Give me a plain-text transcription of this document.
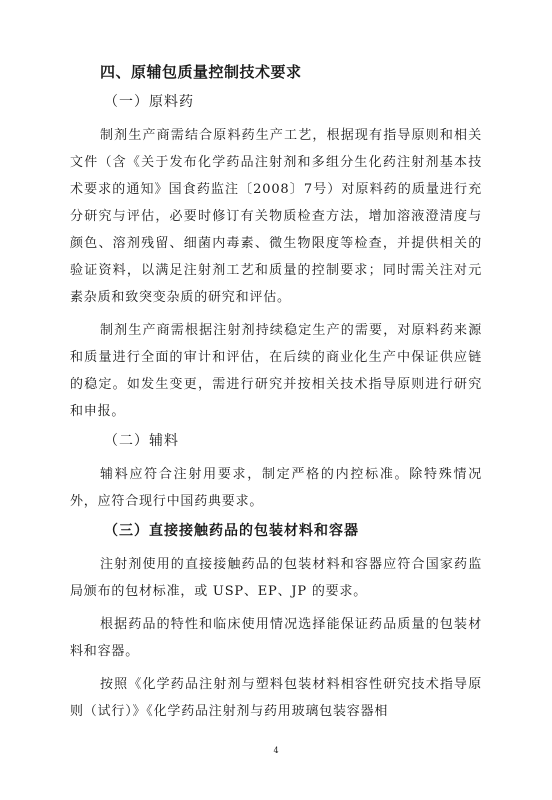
四、原辅包质量控制技术要求
（一）原料药

制剂生产商需结合原料药生产工艺，根据现有指导原则和相关文件（含《关于发布化学药品注射剂和多组分生化药注射剂基本技术要求的通知》国食药监注〔2008〕7号）对原料药的质量进行充分研究与评估，必要时修订有关物质检查方法，增加溶液澄清度与颜色、溶剂残留、细菌内毒素、微生物限度等检查，并提供相关的验证资料，以满足注射剂工艺和质量的控制要求；同时需关注对元素杂质和致突变杂质的研究和评估。

制剂生产商需根据注射剂持续稳定生产的需要，对原料药来源和质量进行全面的审计和评估，在后续的商业化生产中保证供应链的稳定。如发生变更，需进行研究并按相关技术指导原则进行研究和申报。

（二）辅料

辅料应符合注射用要求，制定严格的内控标准。除特殊情况外，应符合现行中国药典要求。

（三）直接接触药品的包装材料和容器

注射剂使用的直接接触药品的包装材料和容器应符合国家药监局颁布的包材标准，或 USP、EP、JP 的要求。

根据药品的特性和临床使用情况选择能保证药品质量的包装材料和容器。

按照《化学药品注射剂与塑料包装材料相容性研究技术指导原则（试行）》《化学药品注射剂与药用玻璃包装容器相

4
